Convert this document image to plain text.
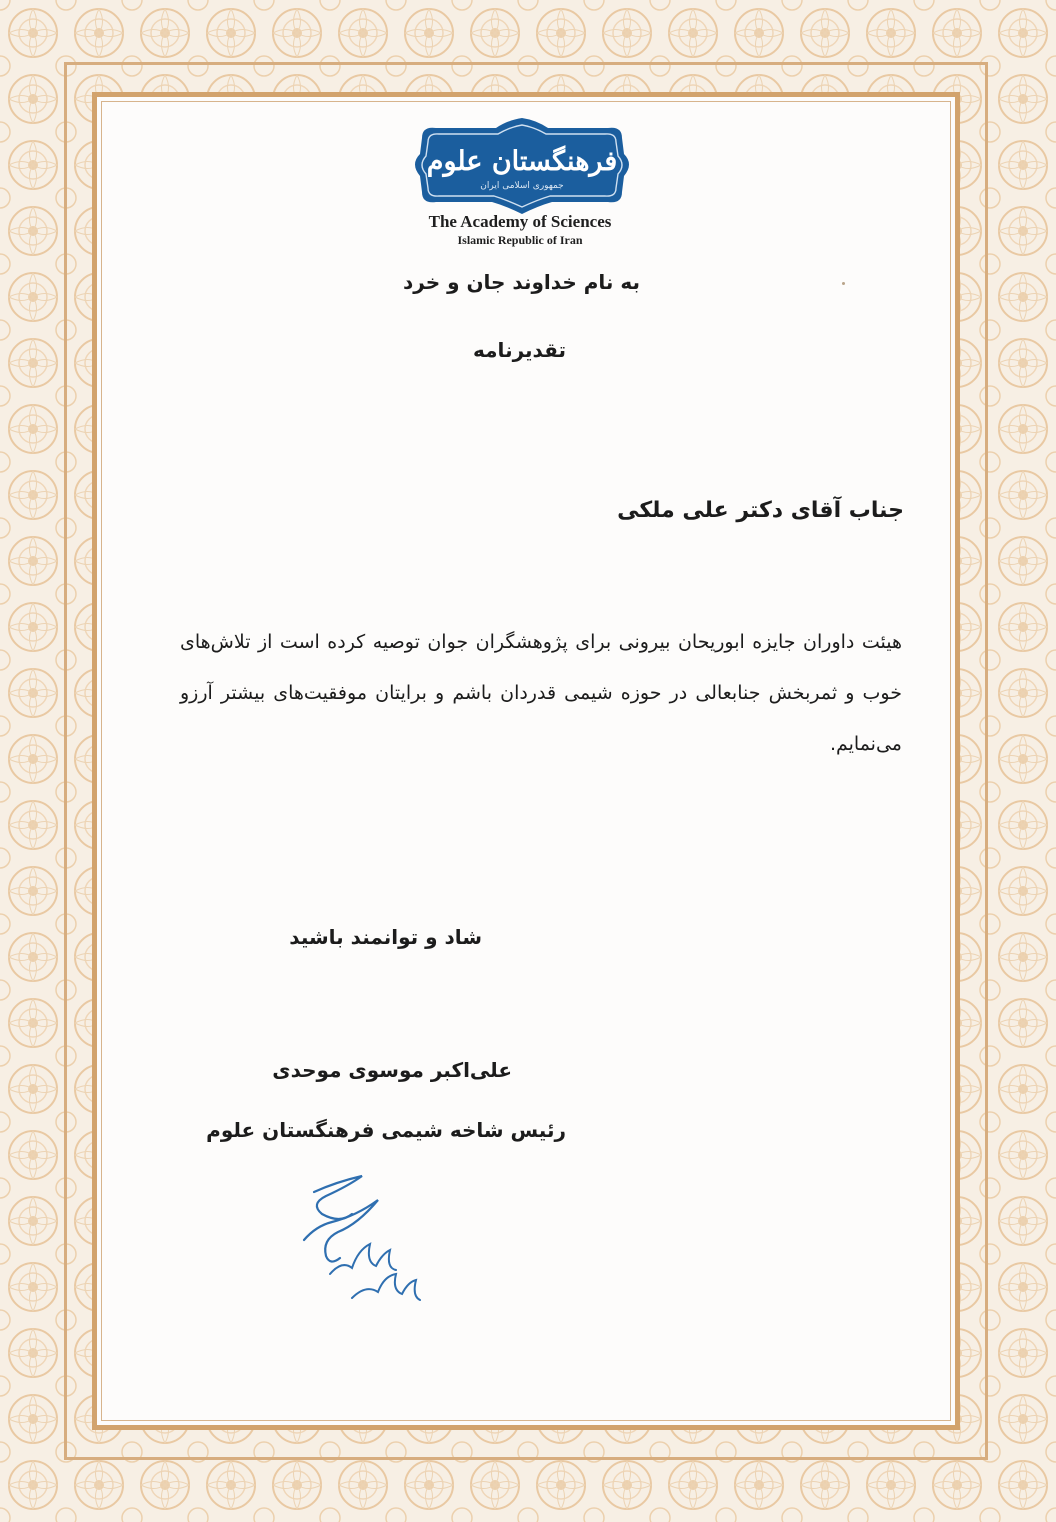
فرهنگستان علوم
جمهوری اسلامی ایران
The Academy of Sciences
Islamic Republic of Iran
به نام خداوند جان و خرد
تقدیرنامه
جناب آقای دکتر علی ملکی
هیئت داوران جایزه ابوریحان بیرونی برای پژوهشگران جوان توصیه کرده است از تلاش‌های خوب و ثمربخش جنابعالی در حوزه شیمی قدردان باشم و برایتان موفقیت‌های بیشتر آرزو می‌نمایم.
شاد و توانمند باشید
علی‌اکبر موسوی موحدی
رئیس شاخه شیمی فرهنگستان علوم
